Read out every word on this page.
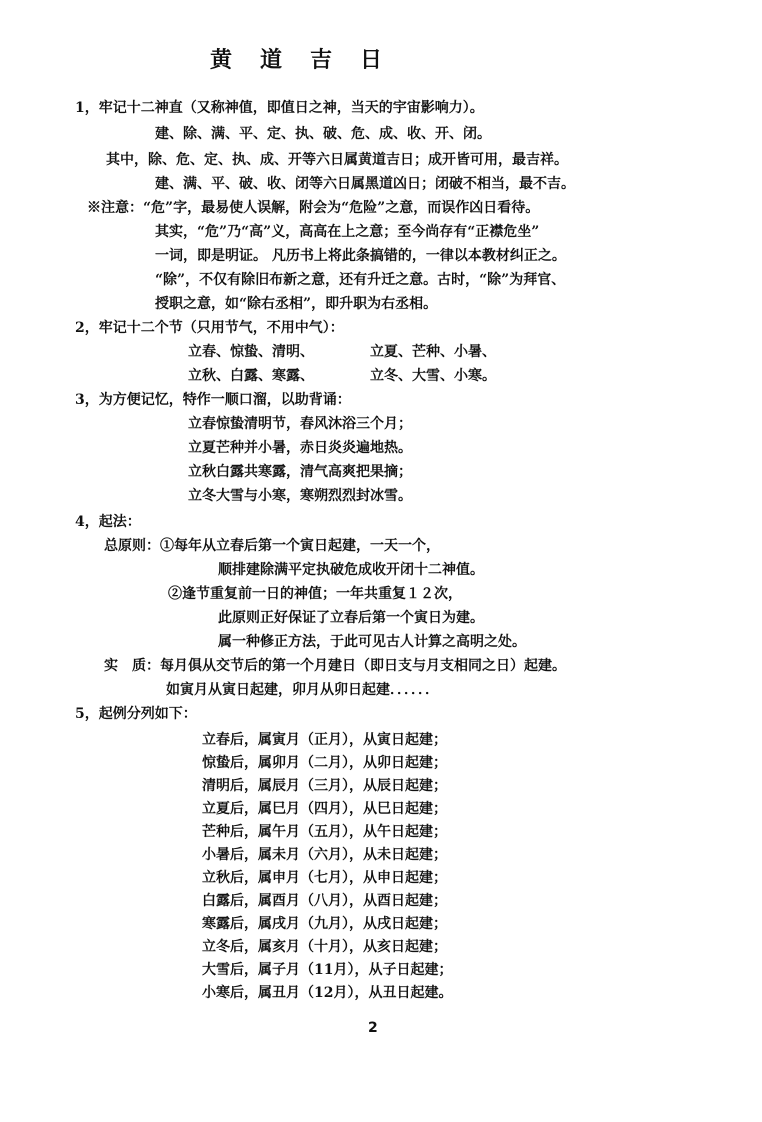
黄道吉日
1，牢记十二神直（又称神值，即值日之神，当天的宇宙影响力）。
建、除、满、平、定、执、破、危、成、收、开、闭。
其中，除、危、定、执、成、开等六日属黄道吉日；成开皆可用，最吉祥。
建、满、平、破、收、闭等六日属黑道凶日；闭破不相当，最不吉。
※注意：“危”字，最易使人误解，附会为“危险”之意，而误作凶日看待。
其实，“危”乃“高”义，高高在上之意；至今尚存有“正襟危坐”
一词，即是明证。 凡历书上将此条搞错的，一律以本教材纠正之。
“除”，不仅有除旧布新之意，还有升迁之意。古时，“除”为拜官、
授职之意，如“除右丞相”，即升职为右丞相。
2，牢记十二个节（只用节气，不用中气）：
立春、惊蛰、清明、	立夏、芒种、小暑、
立秋、白露、寒露、	立冬、大雪、小寒。
3，为方便记忆，特作一顺口溜，以助背诵：
立春惊蛰清明节，春风沐浴三个月；
立夏芒种并小暑，赤日炎炎遍地热。
立秋白露共寒露，清气高爽把果摘；
立冬大雪与小寒，寒朔烈烈封冰雪。
4，起法：
总原则：①每年从立春后第一个寅日起建，一天一个，
顺排建除满平定执破危成收开闭十二神值。
②逢节重复前一日的神值；一年共重复１２次，
此原则正好保证了立春后第一个寅日为建。
属一种修正方法，于此可见古人计算之高明之处。
实　质：每月俱从交节后的第一个月建日（即日支与月支相同之日）起建。
如寅月从寅日起建，卯月从卯日起建．．．．．．
5，起例分列如下：
立春后，属寅月（正月），从寅日起建；
惊蛰后，属卯月（二月），从卯日起建；
清明后，属辰月（三月），从辰日起建；
立夏后，属巳月（四月），从巳日起建；
芒种后，属午月（五月），从午日起建；
小暑后，属未月（六月），从未日起建；
立秋后，属申月（七月），从申日起建；
白露后，属酉月（八月），从酉日起建；
寒露后，属戌月（九月），从戌日起建；
立冬后，属亥月（十月），从亥日起建；
大雪后，属子月（11月），从子日起建；
小寒后，属丑月（12月），从丑日起建。
2
